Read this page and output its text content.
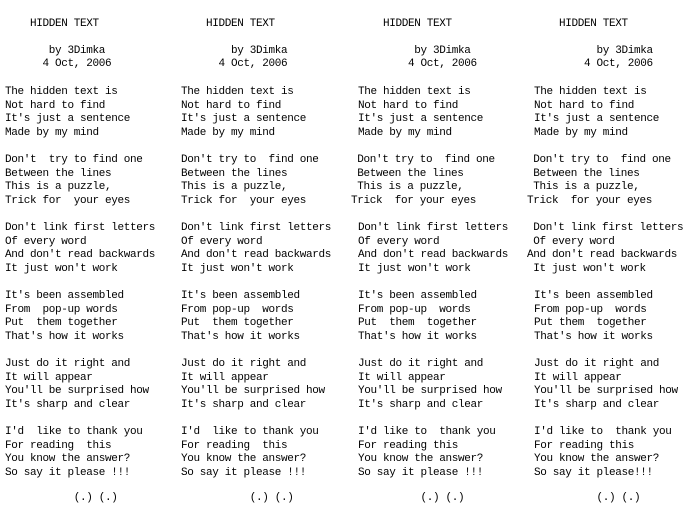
HIDDEN TEXT
by 3Dimka
4 Oct, 2006
The hidden text is
Not hard to find
It's just a sentence
Made by my mind
Don't  try to find one
Between the lines
This is a puzzle,
Trick for  your eyes
Don't link first letters
Of every word
And don't read backwards
It just won't work
It's been assembled
From  pop-up words
Put  them together
That's how it works
Just do it right and
It will appear
You'll be surprised how
It's sharp and clear
I'd  like to thank you
For reading  this
You know the answer?
So say it please !!!
(.) (.)
HIDDEN TEXT
by 3Dimka
4 Oct, 2006
The hidden text is
Not hard to find
It's just a sentence
Made by my mind
Don't try to  find one
Between the lines
This is a puzzle,
Trick for  your eyes
Don't link first letters
Of every word
And don't read backwards
It just won't work
It's been assembled
From pop-up  words
Put  them together
That's how it works
Just do it right and
It will appear
You'll be surprised how
It's sharp and clear
I'd  like to thank you
For reading  this
You know the answer?
So say it please !!!
(.) (.)
HIDDEN TEXT
by 3Dimka
4 Oct, 2006
The hidden text is
Not hard to find
It's just a sentence
Made by my mind
Don't try to  find one
Between the lines
This is a puzzle,
Trick  for your eyes
Don't link first letters
Of every word
And don't read backwards
It just won't work
It's been assembled
From pop-up  words
Put  them  together
That's how it works
Just do it right and
It will appear
You'll be surprised how
It's sharp and clear
I'd like to  thank you
For reading this
You know the answer?
So say it please !!!
(.) (.)
HIDDEN TEXT
by 3Dimka
4 Oct, 2006
The hidden text is
Not hard to find
It's just a sentence
Made by my mind
Don't try to  find one
Between the lines
This is a puzzle,
Trick  for your eyes
Don't link first letters
Of every word
And don't read backwards
It just won't work
It's been assembled
From pop-up  words
Put them  together
That's how it works
Just do it right and
It will appear
You'll be surprised how
It's sharp and clear
I'd like to  thank you
For reading this
You know the answer?
So say it please!!!
(.) (.)
